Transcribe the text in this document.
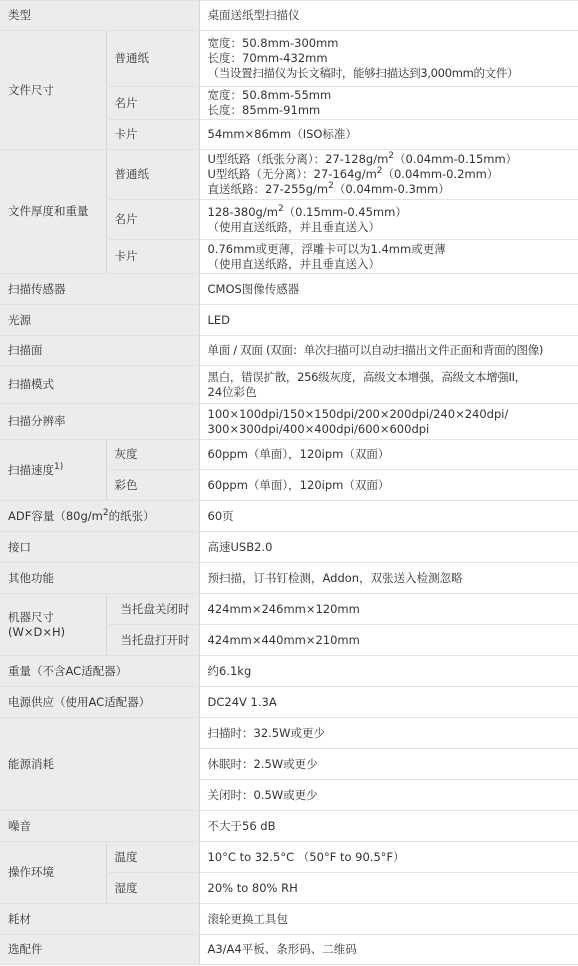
类型		桌面送纸型扫描仪
文件尺寸	普通纸	宽度：50.8mm-300mm
长度：70mm-432mm
（当设置扫描仪为长文稿时，能够扫描达到3,000mm的文件）

	名片	宽度：50.8mm-55mm
长度：85mm-91mm

	卡片	54mm×86mm（ISO标准）
文件厚度和重量	普通纸	U型纸路（纸张分离）：$27-128g/m^2(0.04mm-0.15mm)$
U型纸路（无分离）：$27-164g/m^2(0.04mm-0.2mm)$
直送纸路：$27-255g/m^2(0.04mm-0.3mm)$

	名片	$128-380g/m^2(0.15mm-0.45mm)$
（使用直送纸路，并且垂直送入）

	卡片	0.76mm或更薄，浮雕卡可以为1.4mm或更薄
（使用直送纸路，并且垂直送入）

扫描传感器		CMOS图像传感器
光源		LED
扫描面		单面 / 双面 (双面：单次扫描可以自动扫描出文件正面和背面的图像)
扫描模式		黑白，错误扩散，256级灰度，高级文本增强，高级文本增强II，
24位彩色

扫描分辨率		100×100dpi/150×150dpi/200×200dpi/240×240dpi/
300×300dpi/400×400dpi/600×600dpi

扫描速度$^{1)}$	灰度	60ppm（单面），120ipm（双面）
	彩色	60ppm（单面），120ipm（双面）
ADF容量（$80g/m^2$的纸张）		60页
接口		高速USB2.0
其他功能		预扫描，订书钉检测，Addon，双张送入检测忽略

机器尺寸
(W×D×H)	当托盘关闭时	424mm×246mm×120mm
	当托盘打开时	424mm×440mm×210mm
重量（不含AC适配器）		约6.1kg
电源供应（使用AC适配器）		DC24V 1.3A
能源消耗		扫描时：32.5W或更少
		休眠时：2.5W或更少
		关闭时：0.5W或更少
噪音		不大于56 dB
操作环境	温度	10°C to 32.5°C （50°F to 90.5°F）
	湿度	20% to 80% RH
耗材		滚轮更换工具包
选配件		A3/A4平板、条形码、二维码
